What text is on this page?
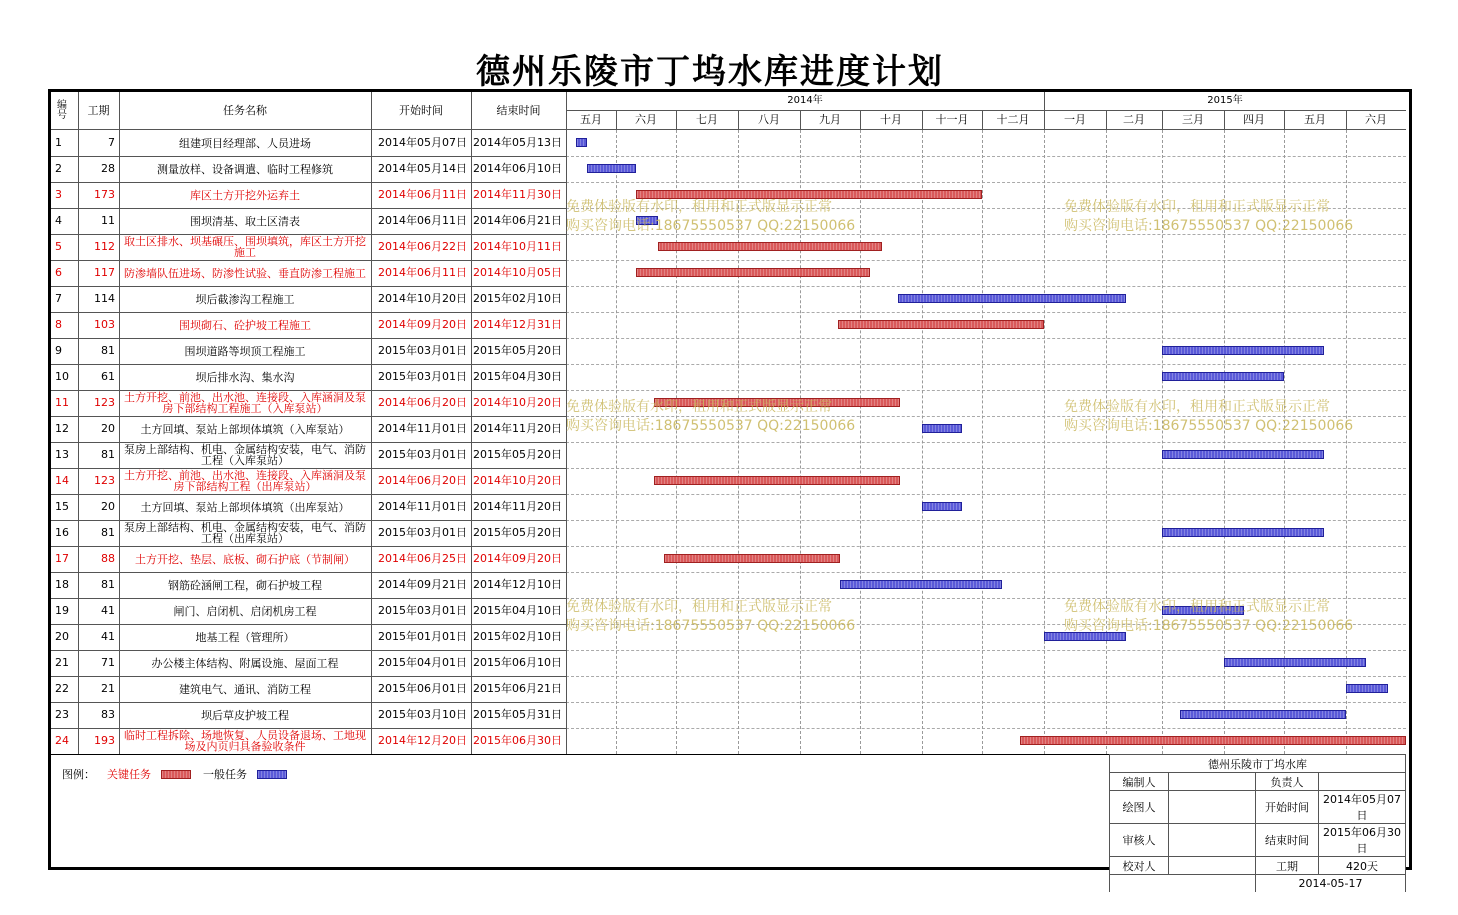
德州乐陵市丁坞水库进度计划
编号	工期	任务名称	开始时间	结束时间
2014年	2015年
五月	六月	七月	八月	九月	十月	十一月	十二月	一月	二月	三月	四月	五月	六月
1	7	组建项目经理部、人员进场	2014年05月07日 2014年05月13日
2	28	测量放样、设备调遣、临时工程修筑	2014年05月14日 2014年06月10日
3	173	库区土方开挖外运弃土	2014年06月11日 2014年11月30日
4	11	围坝清基、取土区清表	2014年06月11日 2014年06月21日
5	112 取土区排水、坝基碾压、围坝填筑，库区土方开挖施工	2014年06月22日 2014年10月11日
6	117 防渗墙队伍进场、防渗性试验、垂直防渗工程施工	2014年06月11日 2014年10月05日
7	114	坝后截渗沟工程施工	2014年10月20日 2015年02月10日
8	103	围坝砌石、砼护坡工程施工	2014年09月20日 2014年12月31日
9	81	围坝道路等坝顶工程施工	2015年03月01日 2015年05月20日
10	61	坝后排水沟、集水沟	2015年03月01日 2015年04月30日
11	123 土方开挖、前池、出水池、连接段、入库涵洞及泵房下部结构工程施工（入库泵站）	2014年06月20日 2014年10月20日
12	20	土方回填、泵站上部坝体填筑（入库泵站）	2014年11月01日 2014年11月20日
13	81 泵房上部结构、机电、金属结构安装，电气、消防工程（入库泵站）	2015年03月01日 2015年05月20日
14	123 土方开挖、前池、出水池、连接段、入库涵洞及泵房下部结构工程（出库泵站）	2014年06月20日 2014年10月20日
15	20	土方回填、泵站上部坝体填筑（出库泵站）	2014年11月01日 2014年11月20日
16	81 泵房上部结构、机电、金属结构安装，电气、消防工程（出库泵站）	2015年03月01日 2015年05月20日
17	88	土方开挖、垫层、底板、砌石护底（节制闸）	2014年06月25日 2014年09月20日
18	81	钢筋砼涵闸工程，砌石护坡工程	2014年09月21日 2014年12月10日
19	41	闸门、启闭机、启闭机房工程	2015年03月01日 2015年04月10日
20	41	地基工程（管理所）	2015年01月01日 2015年02月10日
21	71	办公楼主体结构、附属设施、屋面工程	2015年04月01日 2015年06月10日
22	21	建筑电气、通讯、消防工程	2015年06月01日 2015年06月21日
23	83	坝后草皮护坡工程	2015年03月10日 2015年05月31日
24	193 临时工程拆除、场地恢复、人员设备退场、工地现场及内页归具备验收条件	2014年12月20日 2015年06月30日
免费体验版有水印，租用和正式版显示正常
购买咨询电话:18675550537 QQ:22150066
免费体验版有水印，租用和正式版显示正常
购买咨询电话:18675550537 QQ:22150066
免费体验版有水印，租用和正式版显示正常
购买咨询电话:18675550537 QQ:22150066
免费体验版有水印，租用和正式版显示正常
购买咨询电话:18675550537 QQ:22150066
免费体验版有水印，租用和正式版显示正常
购买咨询电话:18675550537 QQ:22150066
免费体验版有水印，租用和正式版显示正常
购买咨询电话:18675550537 QQ:22150066
图例： 关键任务	一般任务
德州乐陵市丁坞水库			
编制人		负责人	
绘图人		开始时间	2014年05月07日
审核人		结束时间	2015年06月30日
校对人		工期	420天
		2014-05-17	
